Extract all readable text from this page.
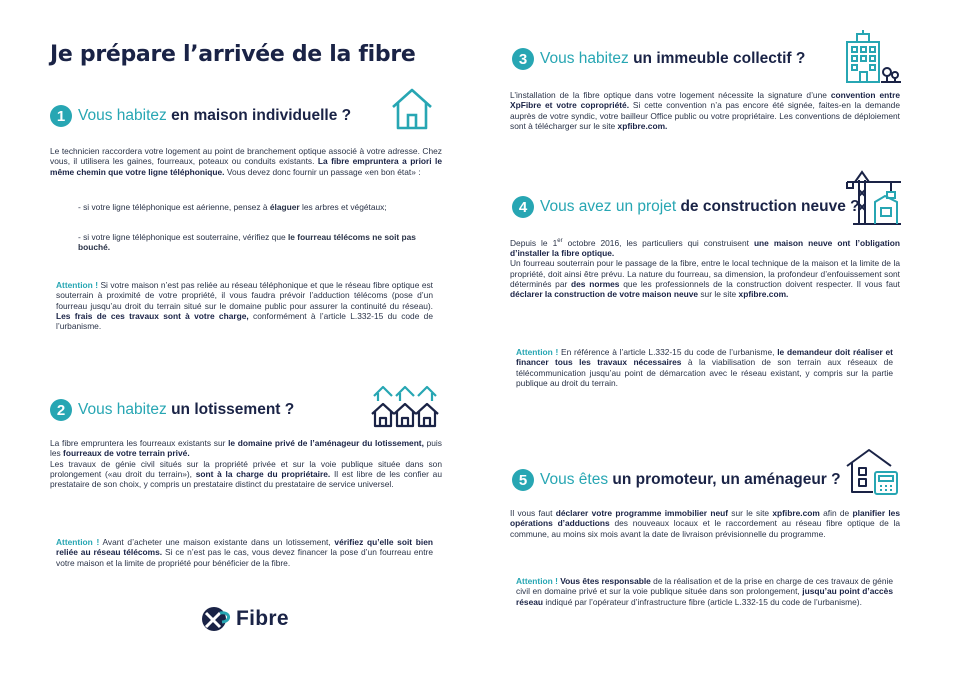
Je prépare l’arrivée de la fibre
1 Vous habitez en maison individuelle ?

Le technicien raccordera votre logement au point de branchement optique associé à votre adresse. Chez vous, il utilisera les gaines, fourreaux, poteaux ou conduits existants. La fibre empruntera a priori le même chemin que votre ligne téléphonique. Vous devez donc fournir un passage «en bon état» :

- si votre ligne téléphonique est aérienne, pensez à élaguer les arbres et végétaux;

- si votre ligne téléphonique est souterraine, vérifiez que le fourreau télécoms ne soit pas bouché.

Attention ! Si votre maison n’est pas reliée au réseau téléphonique et que le réseau fibre optique est souterrain à proximité de votre propriété, il vous faudra prévoir l’adduction télécoms (pose d’un fourreau jusqu’au droit du terrain situé sur le domaine public pour assurer la continuité du réseau). Les frais de ces travaux sont à votre charge, conformément à l’article L.332-15 du code de l’urbanisme.

2 Vous habitez un lotissement ?

La fibre empruntera les fourreaux existants sur le domaine privé de l’aménageur du lotissement, puis les fourreaux de votre terrain privé.
Les travaux de génie civil situés sur la propriété privée et sur la voie publique située dans son prolongement («au droit du terrain»), sont à la charge du propriétaire. Il est libre de les confier au prestataire de son choix, y compris un prestataire distinct du prestataire de service universel.

Attention ! Avant d’acheter une maison existante dans un lotissement, vérifiez qu’elle soit bien reliée au réseau télécoms. Si ce n’est pas le cas, vous devez financer la pose d’un fourreau entre votre maison et la limite de propriété pour bénéficier de la fibre.

Fibre
3 Vous habitez un immeuble collectif ?

L’installation de la fibre optique dans votre logement nécessite la signature d’une convention entre XpFibre et votre copropriété. Si cette convention n’a pas encore été signée, faites-en la demande auprès de votre syndic, votre bailleur Office public ou votre propriétaire. Les conventions de déploiement sont à télécharger sur le site xpfibre.com.

4 Vous avez un projet de construction neuve ?

Depuis le 1er octobre 2016, les particuliers qui construisent une maison neuve ont l’obligation d’installer la fibre optique.
Un fourreau souterrain pour le passage de la fibre, entre le local technique de la maison et la limite de la propriété, doit ainsi être prévu. La nature du fourreau, sa dimension, la profondeur d’enfouissement sont déterminés par des normes que les professionnels de la construction doivent respecter. Il vous faut déclarer la construction de votre maison neuve sur le site xpfibre.com.

Attention ! En référence à l’article L.332-15 du code de l’urbanisme, le demandeur doit réaliser et financer tous les travaux nécessaires à la viabilisation de son terrain aux réseaux de télécommunication jusqu’au point de démarcation avec le réseau existant, y compris sur la partie publique au droit du terrain.

5 Vous êtes un promoteur, un aménageur ?

Il vous faut déclarer votre programme immobilier neuf sur le site xpfibre.com afin de planifier les opérations d’adductions des nouveaux locaux et le raccordement au réseau fibre optique de la commune, au moins six mois avant la date de livraison prévisionnelle du programme.

Attention ! Vous êtes responsable de la réalisation et de la prise en charge de ces travaux de génie civil en domaine privé et sur la voie publique située dans son prolongement, jusqu’au point d’accès réseau indiqué par l’opérateur d’infrastructure fibre (article L.332-15 du code de l’urbanisme).
